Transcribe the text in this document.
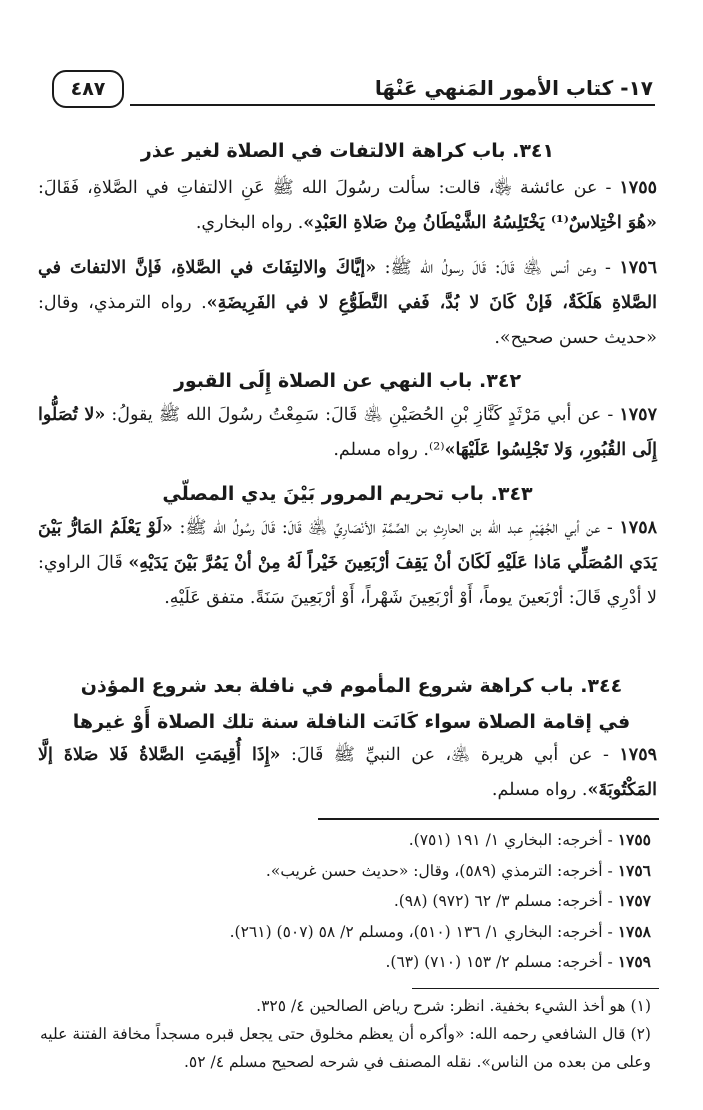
١٧- كتاب الأمور المَنهي عَنْهَا
٤٨٧

٣٤١. باب كراهة الالتفات في الصلاة لغير عذر

١٧٥٥ - عن عائشة ﵂، قالت: سألت رسُولَ الله ﷺ عَنِ الالتفاتِ في الصَّلاةِ، فَقَالَ: «هُوَ اخْتِلاسٌ⁽¹⁾ يَخْتَلِسُهُ الشَّيْطَانُ مِنْ صَلاةِ العَبْدِ». رواه البخاري.

١٧٥٦ - وعن أنس ﵁ قَالَ: قَالَ رسولُ الله ﷺ: «إيَّاكَ والالتِفَاتَ في الصَّلاةِ، فَإنَّ الالتفاتَ في الصَّلاةِ هَلَكَةٌ، فَإنْ كَانَ لا بُدَّ، فَفي التَّطَوُّعِ لا في الفَرِيضَةِ». رواه الترمذي، وقال: «حديث حسن صحيح».

٣٤٢. باب النهي عن الصلاة إِلَى القبور

١٧٥٧ - عن أبي مَرْثَدٍ كَنَّازِ بْنِ الحُصَيْنِ ﵁ قَالَ: سَمِعْتُ رسُولَ الله ﷺ يقولُ: «لا تُصَلُّوا إِلَى القُبُورِ، وَلا تَجْلِسُوا عَلَيْهَا»⁽²⁾. رواه مسلم.

٣٤٣. باب تحريم المرور بَيْنَ يدي المصلّي

١٧٥٨ - عن أبي الجُهَيْمِ عبد الله بن الحارِثِ بن الصِّمَّةِ الأنْصَارِيِّ ﵁ قَالَ: قَالَ رسُولُ الله ﷺ: «لَوْ يَعْلَمُ المَارُّ بَيْنَ يَدَي المُصَلِّي مَاذا عَلَيْهِ لَكَانَ أنْ يَقِفَ أرْبَعِينَ خَيْراً لَهُ مِنْ أنْ يَمُرَّ بَيْنَ يَدَيْهِ» قَالَ الراوي: لا أدْرِي قَالَ: أرْبَعينَ يوماً، أَوْ أرْبَعِينَ شَهْراً، أَوْ أرْبَعِينَ سَنَةً. متفق عَلَيْهِ.

٣٤٤. باب كراهة شروع المأموم في نافلة بعد شروع المؤذن في إقامة الصلاة سواء كَانَت النافلة سنة تلك الصلاة أَوْ غيرها

١٧٥٩ - عن أبي هريرة ﵁، عن النبيِّ ﷺ قَالَ: «إِذَا أُقِيمَتِ الصَّلاةُ فَلا صَلاةَ إلَّا المَكْتُوبَةَ». رواه مسلم.

١٧٥٥ - أخرجه: البخاري ١/ ١٩١ (٧٥١).
١٧٥٦ - أخرجه: الترمذي (٥٨٩)، وقال: «حديث حسن غريب».
١٧٥٧ - أخرجه: مسلم ٣/ ٦٢ (٩٧٢) (٩٨).
١٧٥٨ - أخرجه: البخاري ١/ ١٣٦ (٥١٠)، ومسلم ٢/ ٥٨ (٥٠٧) (٢٦١).
١٧٥٩ - أخرجه: مسلم ٢/ ١٥٣ (٧١٠) (٦٣).

(١) هو أخذ الشيء بخفية. انظر: شرح رياض الصالحين ٤/ ٣٢٥.

(٢) قال الشافعي رحمه الله: «وأكره أن يعظم مخلوق حتى يجعل قبره مسجداً مخافة الفتنة عليه وعلى من بعده من الناس». نقله المصنف في شرحه لصحيح مسلم ٤/ ٥٢.
